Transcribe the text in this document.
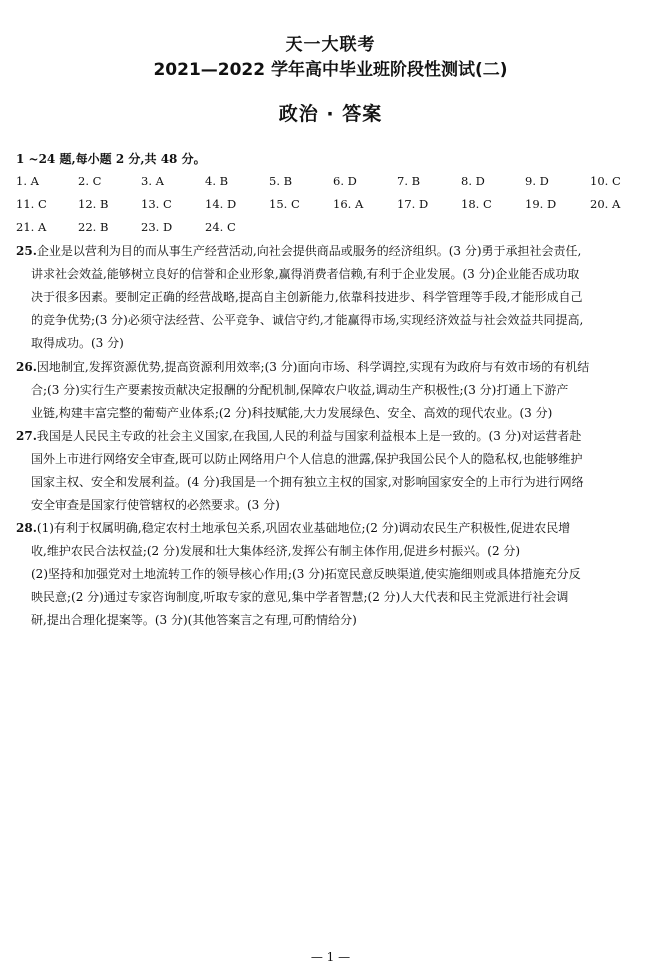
天一大联考
2021—2022 学年高中毕业班阶段性测试(二)
政治 · 答案
1 ~24 题,每小题 2 分,共 48 分。
1. A	2. C	3. A	4. B	5. B	6. D	7. B	8. D	9. D	10. C
11. C	12. B	13. C	14. D	15. C	16. A	17. D	18. C	19. D	20. A
21. A	22. B	23. D	24. C
25.企业是以营利为目的而从事生产经营活动,向社会提供商品或服务的经济组织。(3 分)勇于承担社会责任,
讲求社会效益,能够树立良好的信誉和企业形象,赢得消费者信赖,有利于企业发展。(3 分)企业能否成功取
决于很多因素。要制定正确的经营战略,提高自主创新能力,依靠科技进步、科学管理等手段,才能形成自己
的竞争优势;(3 分)必须守法经营、公平竞争、诚信守约,才能赢得市场,实现经济效益与社会效益共同提高,
取得成功。(3 分)
26.因地制宜,发挥资源优势,提高资源利用效率;(3 分)面向市场、科学调控,实现有为政府与有效市场的有机结
合;(3 分)实行生产要素按贡献决定报酬的分配机制,保障农户收益,调动生产积极性;(3 分)打通上下游产
业链,构建丰富完整的葡萄产业体系;(2 分)科技赋能,大力发展绿色、安全、高效的现代农业。(3 分)
27.我国是人民民主专政的社会主义国家,在我国,人民的利益与国家利益根本上是一致的。(3 分)对运营者赴
国外上市进行网络安全审查,既可以防止网络用户个人信息的泄露,保护我国公民个人的隐私权,也能够维护
国家主权、安全和发展利益。(4 分)我国是一个拥有独立主权的国家,对影响国家安全的上市行为进行网络
安全审查是国家行使管辖权的必然要求。(3 分)
28.(1)有利于权属明确,稳定农村土地承包关系,巩固农业基础地位;(2 分)调动农民生产积极性,促进农民增
收,维护农民合法权益;(2 分)发展和壮大集体经济,发挥公有制主体作用,促进乡村振兴。(2 分)
(2)坚持和加强党对土地流转工作的领导核心作用;(3 分)拓宽民意反映渠道,使实施细则或具体措施充分反
映民意;(2 分)通过专家咨询制度,听取专家的意见,集中学者智慧;(2 分)人大代表和民主党派进行社会调
研,提出合理化提案等。(3 分)(其他答案言之有理,可酌情给分)
— 1 —
